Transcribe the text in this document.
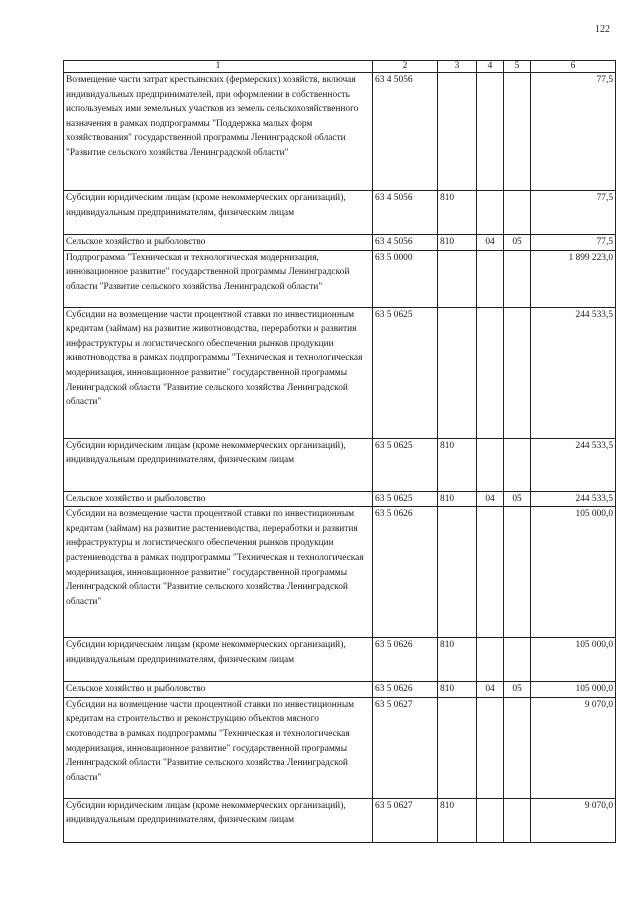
122
1	2	3	4	5	6
Возмещение части затрат крестьянских (фермерских) хозяйств, включая индивидуальных предпринимателей, при оформлении в собственность используемых ими земельных участков из земель сельскохозяйственного назначения в рамках подпрограммы "Поддержка малых форм хозяйствования" государственной программы Ленинградской области "Развитие сельского хозяйства Ленинградской области"	63 4 5056				77,5
Субсидии юридическим лицам (кроме некоммерческих организаций), индивидуальным предпринимателям, физическим лицам	63 4 5056	810			77,5
Сельское хозяйство и рыболовство	63 4 5056	810	04	05	77,5
Подпрограмма "Техническая и технологическая модернизация, инновационное развитие" государственной программы Ленинградской области "Развитие сельского хозяйства Ленинградской области"	63 5 0000				1 899 223,0
Субсидии на возмещение части процентной ставки по инвестиционным кредитам (займам) на развитие животноводства, переработки и развития инфраструктуры и логистического обеспечения рынков продукции животноводства в рамках подпрограммы "Техническая и технологическая модернизация, инновационное развитие" государственной программы Ленинградской области "Развитие сельского хозяйства Ленинградской области"	63 5 0625				244 533,5
Субсидии юридическим лицам (кроме некоммерческих организаций), индивидуальным предпринимателям, физическим лицам	63 5 0625	810			244 533,5
Сельское хозяйство и рыболовство	63 5 0625	810	04	05	244 533,5
Субсидии на возмещение части процентной ставки по инвестиционным кредитам (займам) на развитие растениеводства, переработки и развития инфраструктуры и логистического обеспечения рынков продукции растениеводства в рамках подпрограммы "Техническая и технологическая модернизация, инновационное развитие" государственной программы Ленинградской области "Развитие сельского хозяйства Ленинградской области"	63 5 0626				105 000,0
Субсидии юридическим лицам (кроме некоммерческих организаций), индивидуальным предпринимателям, физическим лицам	63 5 0626	810			105 000,0
Сельское хозяйство и рыболовство	63 5 0626	810	04	05	105 000,0
Субсидии на возмещение части процентной ставки по инвестиционным кредитам на строительство и реконструкцию объектов мясного скотоводства в рамках подпрограммы "Техническая и технологическая модернизация, инновационное развитие" государственной программы Ленинградской области "Развитие сельского хозяйства Ленинградской области"	63 5 0627				9 070,0
Субсидии юридическим лицам (кроме некоммерческих организаций), индивидуальным предпринимателям, физическим лицам	63 5 0627	810			9 070,0
